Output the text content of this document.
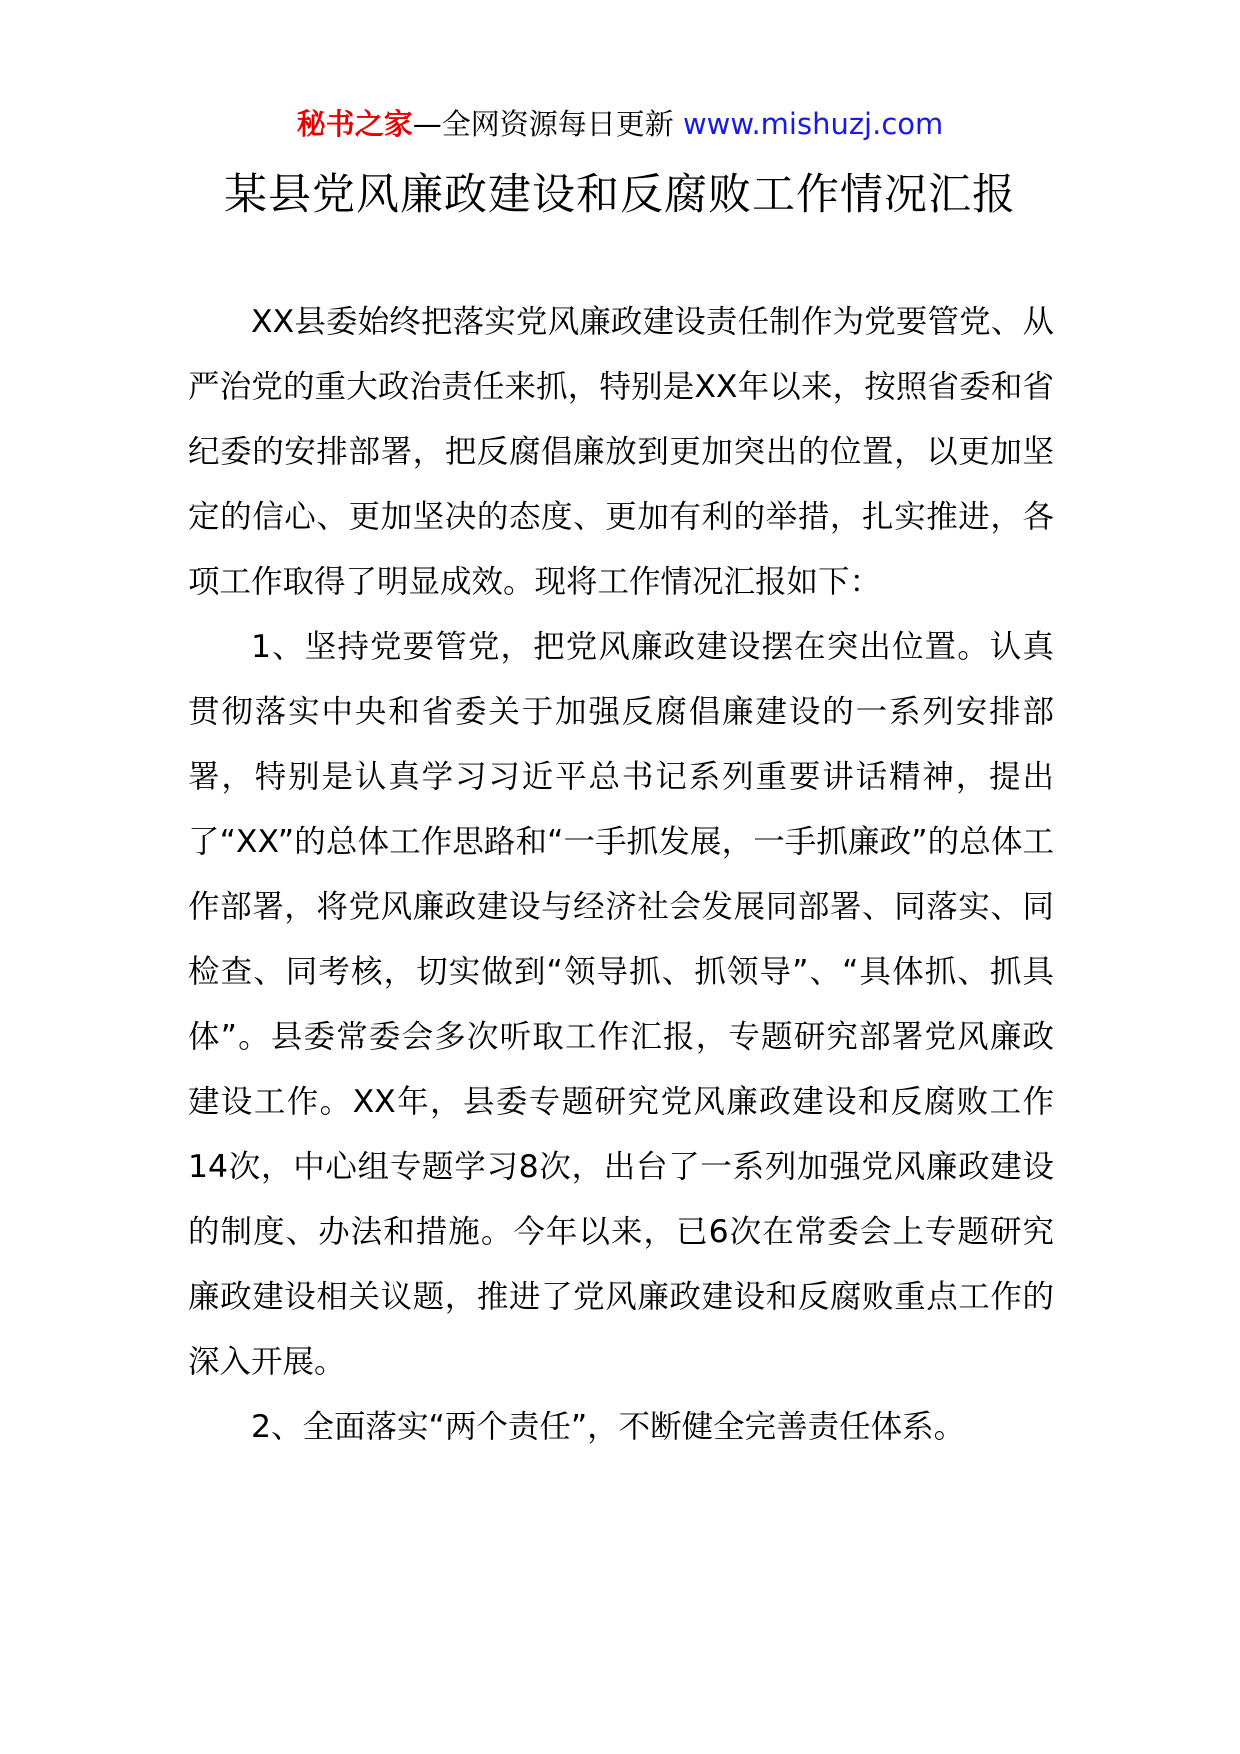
秘书之家—全网资源每日更新 www.mishuzj.com
某县党风廉政建设和反腐败工作情况汇报

XX县委始终把落实党风廉政建设责任制作为党要管党、从严治党的重大政治责任来抓，特别是XX年以来，按照省委和省纪委的安排部署，把反腐倡廉放到更加突出的位置，以更加坚定的信心、更加坚决的态度、更加有利的举措，扎实推进，各项工作取得了明显成效。现将工作情况汇报如下：

1、坚持党要管党，把党风廉政建设摆在突出位置。认真贯彻落实中央和省委关于加强反腐倡廉建设的一系列安排部署，特别是认真学习习近平总书记系列重要讲话精神，提出了“XX”的总体工作思路和“一手抓发展，一手抓廉政”的总体工作部署，将党风廉政建设与经济社会发展同部署、同落实、同检查、同考核，切实做到“领导抓、抓领导”、“具体抓、抓具体”。县委常委会多次听取工作汇报，专题研究部署党风廉政建设工作。XX年，县委专题研究党风廉政建设和反腐败工作14次，中心组专题学习8次，出台了一系列加强党风廉政建设的制度、办法和措施。今年以来，已6次在常委会上专题研究廉政建设相关议题，推进了党风廉政建设和反腐败重点工作的深入开展。

2、全面落实“两个责任”，不断健全完善责任体系。
